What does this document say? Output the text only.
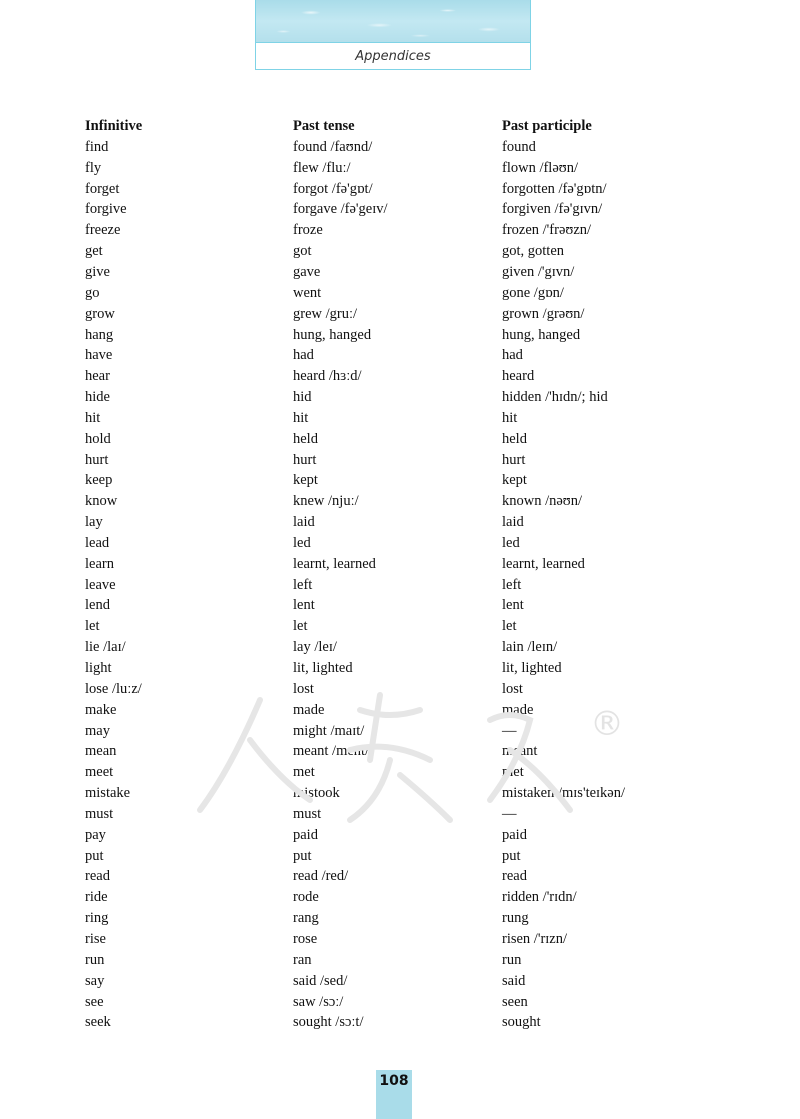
Appendices
Infinitive	Past tense	Past participle
find	found /faʊnd/	found
fly	flew /fluː/	flown /fləʊn/
forget	forgot /fə'gɒt/	forgotten /fə'gɒtn/
forgive	forgave /fə'geɪv/	forgiven /fə'gɪvn/
freeze	froze	frozen /'frəʊzn/
get	got	got, gotten
give	gave	given /'gɪvn/
go	went	gone /gɒn/
grow	grew /gruː/	grown /grəʊn/
hang	hung, hanged	hung, hanged
have	had	had
hear	heard /hɜːd/	heard
hide	hid	hidden /'hɪdn/; hid
hit	hit	hit
hold	held	held
hurt	hurt	hurt
keep	kept	kept
know	knew /njuː/	known /nəʊn/
lay	laid	laid
lead	led	led
learn	learnt, learned	learnt, learned
leave	left	left
lend	lent	lent
let	let	let
lie /laɪ/	lay /leɪ/	lain /leɪn/
light	lit, lighted	lit, lighted
lose /luːz/	lost	lost
make	made	made
may	might /maɪt/	—
mean	meant /ment/	meant
meet	met	met
mistake	mistook	mistaken /mɪs'teɪkən/
must	must	—
pay	paid	paid
put	put	put
read	read /red/	read
ride	rode	ridden /'rɪdn/
ring	rang	rung
rise	rose	risen /'rɪzn/
run	ran	run
say	said /sed/	said
see	saw /sɔː/	seen
seek	sought /sɔːt/	sought
®
108
